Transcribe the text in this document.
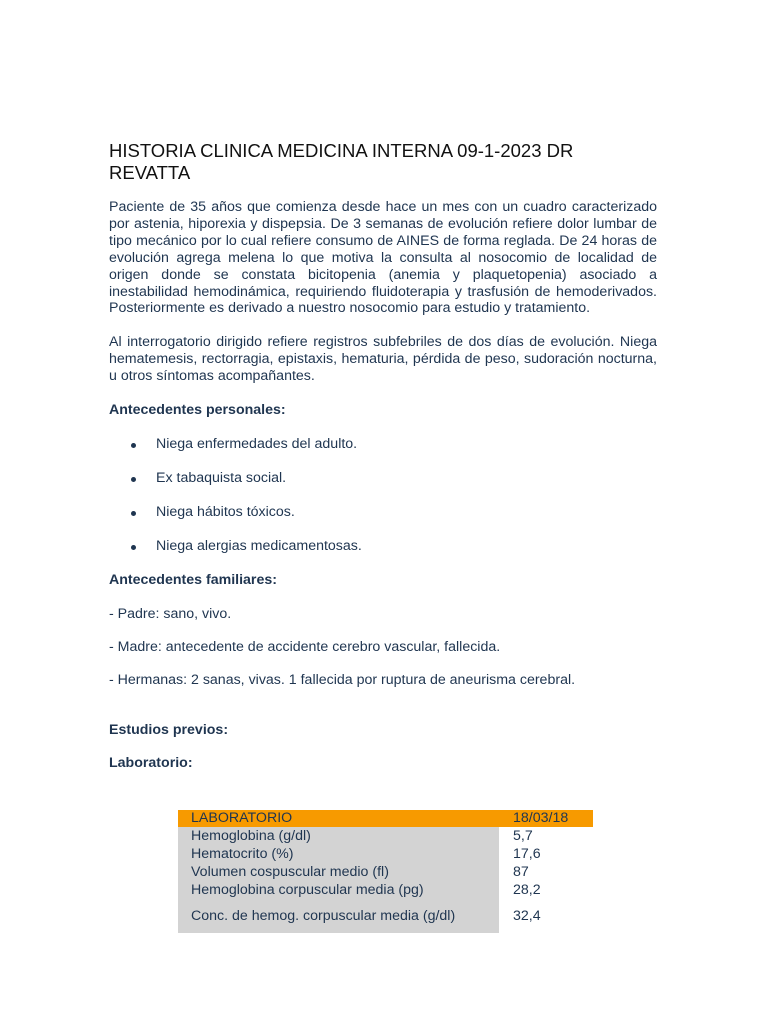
HISTORIA CLINICA MEDICINA INTERNA 09-1-2023 DR REVATTA

Paciente de 35 años que comienza desde hace un mes con un cuadro caracterizado por astenia, hiporexia y dispepsia. De 3 semanas de evolución refiere dolor lumbar de tipo mecánico por lo cual refiere consumo de AINES de forma reglada. De 24 horas de evolución agrega melena lo que motiva la consulta al nosocomio de localidad de origen donde se constata bicitopenia (anemia y plaquetopenia) asociado a inestabilidad hemodinámica, requiriendo fluidoterapia y trasfusión de hemoderivados. Posteriormente es derivado a nuestro nosocomio para estudio y tratamiento.

Al interrogatorio dirigido refiere registros subfebriles de dos días de evolución. Niega hematemesis, rectorragia, epistaxis, hematuria, pérdida de peso, sudoración nocturna, u otros síntomas acompañantes.

Antecedentes personales:

Niega enfermedades del adulto.
Ex tabaquista social.
Niega hábitos tóxicos.
Niega alergias medicamentosas.

Antecedentes familiares:

- Padre: sano, vivo.

- Madre: antecedente de accidente cerebro vascular, fallecida.

- Hermanas: 2 sanas, vivas. 1 fallecida por ruptura de aneurisma cerebral.

Estudios previos:

Laboratorio:

LABORATORIO	18/03/18
Hemoglobina (g/dl)	5,7
Hematocrito (%)	17,6
Volumen cospuscular medio (fl)	87
Hemoglobina corpuscular media (pg)	28,2
Conc. de hemog. corpuscular media (g/dl)	32,4
